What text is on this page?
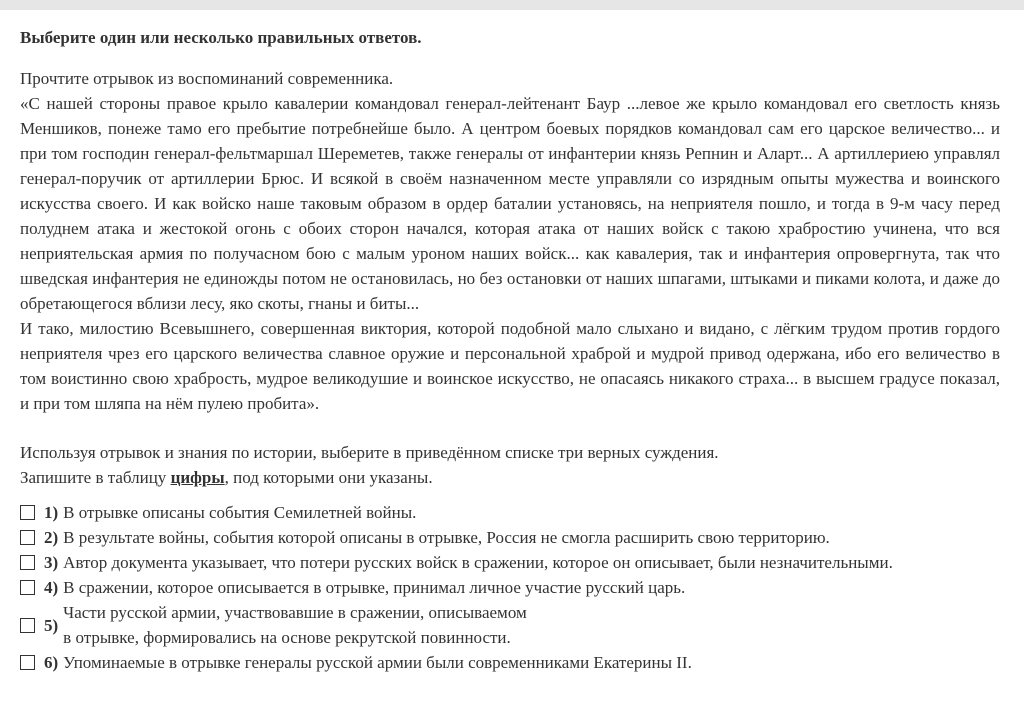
Выберите один или несколько правильных ответов.

Прочтите отрывок из воспоминаний современника.

«С нашей стороны правое крыло кавалерии командовал генерал-лейтенант Баур ...левое же крыло командовал его светлость князь Меншиков, понеже тамо его пребытие потребнейше было. А центром боевых порядков командовал сам его царское величество... и при том господин генерал-фельтмаршал Шереметев, также генералы от инфантерии князь Репнин и Аларт... А артиллериею управлял генерал-поручик от артиллерии Брюс. И всякой в своём назначенном месте управляли со изрядным опыты мужества и воинского искусства своего. И как войско наше таковым образом в ордер баталии установясь, на неприятеля пошло, и тогда в 9-м часу перед полуднем атака и жестокой огонь с обоих сторон начался, которая атака от наших войск с такою храбростию учинена, что вся неприятельская армия по получасном бою с малым уроном наших войск... как кавалерия, так и инфантерия опровергнута, так что шведская инфантерия не единожды потом не остановилась, но без остановки от наших шпагами, штыками и пиками колота, и даже до обретающегося вблизи лесу, яко скоты, гнаны и биты...

И тако, милостию Всевышнего, совершенная виктория, которой подобной мало слыхано и видано, с лёгким трудом против гордого неприятеля чрез его царского величества славное оружие и персональной храброй и мудрой привод одержана, ибо его величество в том воистинно свою храбрость, мудрое великодушие и воинское искусство, не опасаясь никакого страха... в высшем градусе показал, и при том шляпа на нём пулею пробита».

Используя отрывок и знания по истории, выберите в приведённом списке три верных суждения.
Запишите в таблицу цифры, под которыми они указаны.
1) В отрывке описаны события Семилетней войны.
2) В результате войны, события которой описаны в отрывке, Россия не смогла расширить свою территорию.
3) Автор документа указывает, что потери русских войск в сражении, которое он описывает, были незначительными.
4) В сражении, которое описывается в отрывке, принимал личное участие русский царь.
5)
Части русской армии, участвовавшие в сражении, описываемом
в отрывке, формировались на основе рекрутской повинности.
6) Упоминаемые в отрывке генералы русской армии были современниками Екатерины II.
